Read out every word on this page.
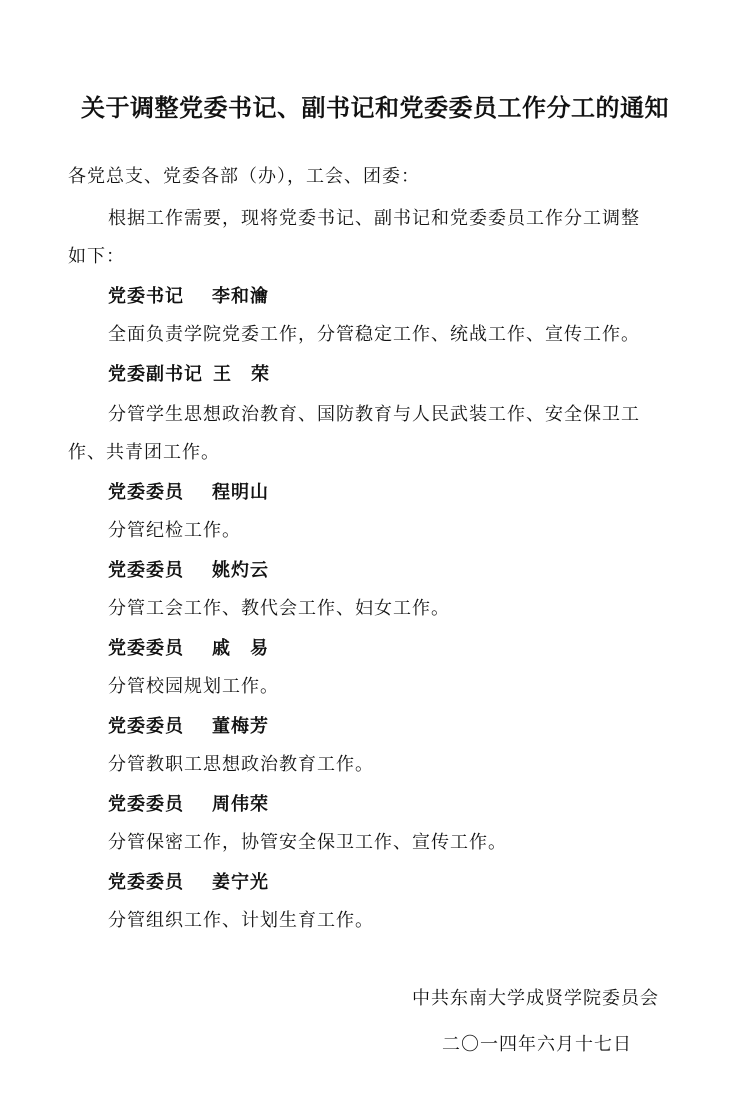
关于调整党委书记、副书记和党委委员工作分工的通知
各党总支、党委各部（办），工会、团委：
根据工作需要，现将党委书记、副书记和党委委员工作分工调整
如下：
党委书记 李和瀹
全面负责学院党委工作，分管稳定工作、统战工作、宣传工作。
党委副书记 王　荣
分管学生思想政治教育、国防教育与人民武装工作、安全保卫工
作、共青团工作。
党委委员 程明山
分管纪检工作。
党委委员 姚灼云
分管工会工作、教代会工作、妇女工作。
党委委员 戚　易
分管校园规划工作。
党委委员 董梅芳
分管教职工思想政治教育工作。
党委委员 周伟荣
分管保密工作，协管安全保卫工作、宣传工作。
党委委员 姜宁光
分管组织工作、计划生育工作。
中共东南大学成贤学院委员会
二〇一四年六月十七日
